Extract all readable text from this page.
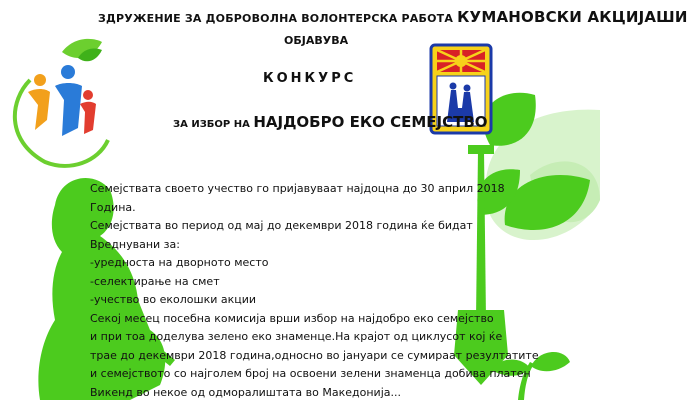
ЗДРУЖЕНИЕ ЗА ДОБРОВОЛНА ВОЛОНТЕРСКА РАБОТА КУМАНОВСКИ АКЦИЈАШИ

ОБЈАВУВА

КОНКУРС

ЗА ИЗБОР НА НАЈДОБРО ЕКО СЕМЕЈСТВО

Семејствата своето учество го пријавуваат најдоцна до 30 април 2018
Година.
Семејствата во период од мај до декември 2018 година ќе бидат
Вреднувани за:
-уредноста на дворното место
-селектирање на смет
-учество во еколошки акции
Секој месец посебна комисија врши избор на најдобро еко семејство
и при тоа доделува зелено еко знаменце.На крајот од циклусот кој ќе
трае до декември 2018 година,односно во јануари се сумираат резултатите
и семејството со најголем број на освоени зелени знаменца добива платен
Викенд во некое од одморалиштата во Македонија...
